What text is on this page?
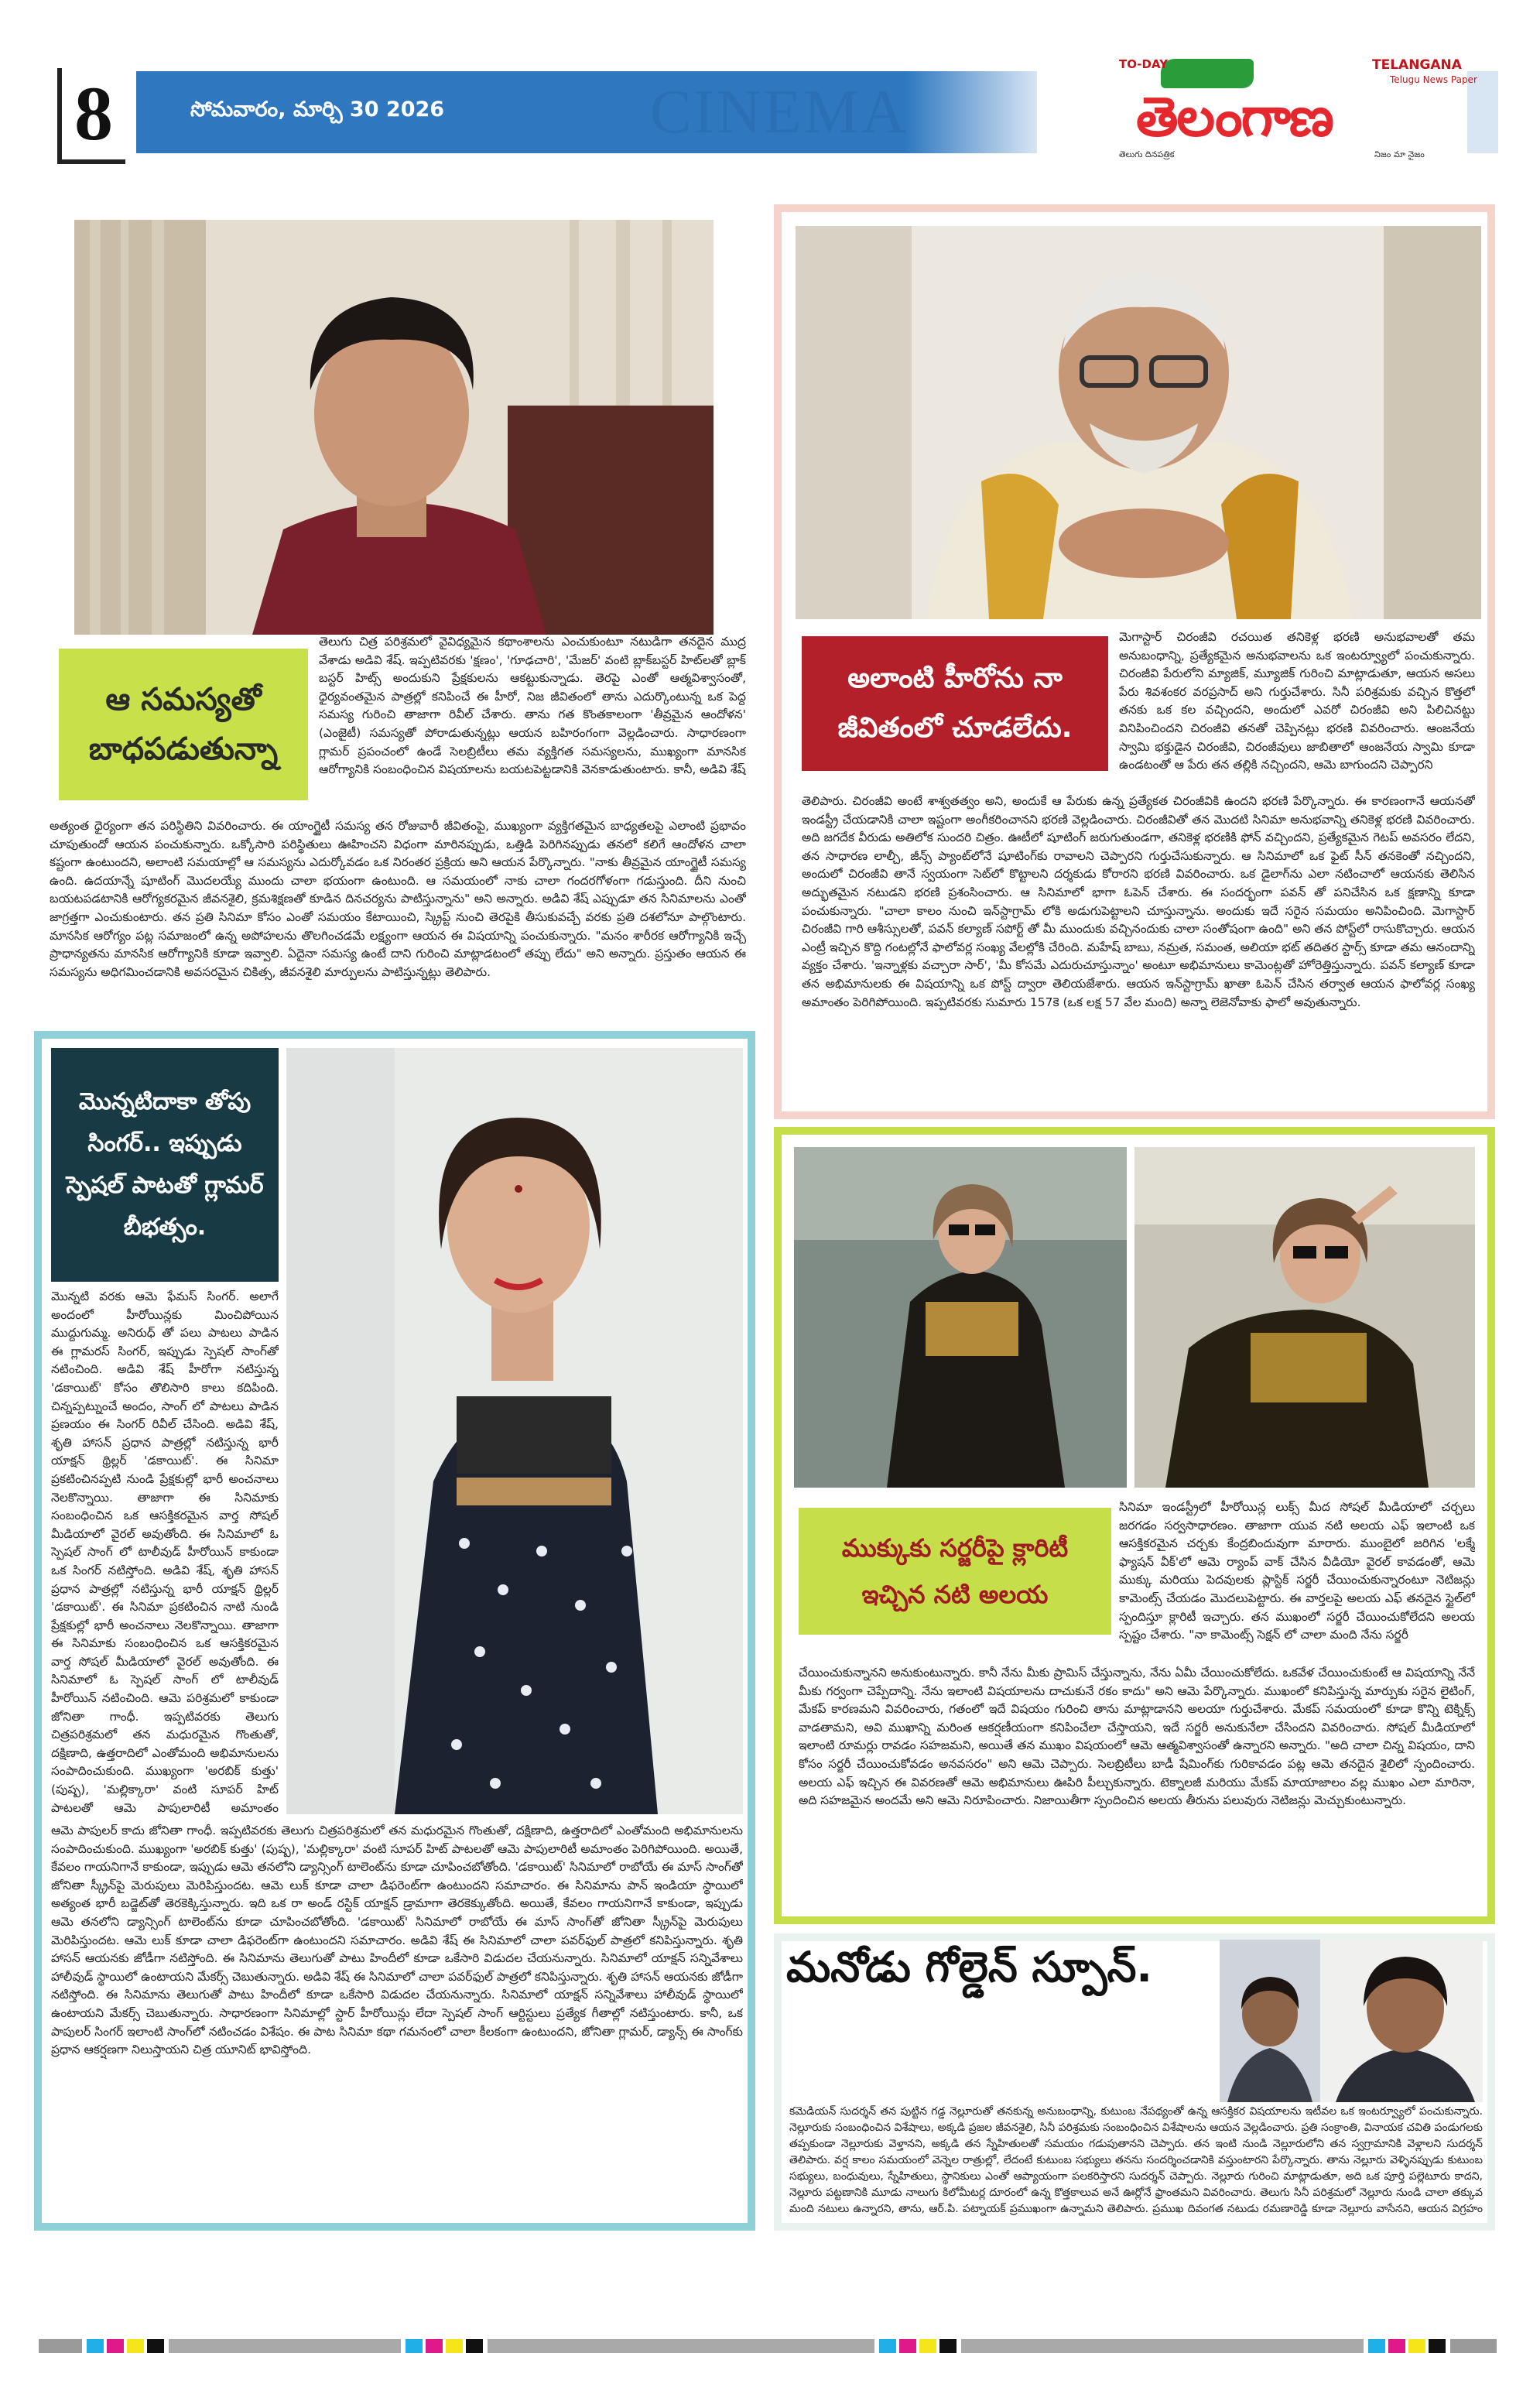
8	సోమవారం, మార్చి 30 2026	CINEMA
TO-DAY	TELANGANA
Telugu News Paper
తెలంగాణ
తెలుగు దినపత్రిక	నిజం మా నైజం
ఆ సమస్యతో బాధపడుతున్నా
తెలుగు చిత్ర పరిశ్రమలో వైవిధ్యమైన కథాంశాలను ఎంచుకుంటూ నటుడిగా తనదైన ముద్ర వేశాడు అడివి శేష్. ఇప్పటివరకు 'క్షణం', 'గూఢచారి', 'మేజర్' వంటి బ్లాక్‌బస్టర్ హిట్‌లతో బ్లాక్ బస్టర్ హిట్స్ అందుకుని ప్రేక్షకులను ఆకట్టుకున్నాడు. తెరపై ఎంతో ఆత్మవిశ్వాసంతో, ధైర్యవంతమైన పాత్రల్లో కనిపించే ఈ హీరో, నిజ జీవితంలో తాను ఎదుర్కొంటున్న ఒక పెద్ద సమస్య గురించి తాజాగా రివీల్ చేశారు. తాను గత కొంతకాలంగా 'తీవ్రమైన ఆందోళన' (ఎంజైటీ) సమస్యతో పోరాడుతున్నట్లు ఆయన బహిరంగంగా వెల్లడించారు. సాధారణంగా గ్లామర్ ప్రపంచంలో ఉండే సెలబ్రిటీలు తమ వ్యక్తిగత సమస్యలను, ముఖ్యంగా మానసిక ఆరోగ్యానికి సంబంధించిన విషయాలను బయటపెట్టడానికి వెనకాడుతుంటారు. కానీ, అడివి శేష్
అత్యంత ధైర్యంగా తన పరిస్థితిని వివరించారు. ఈ యాంగ్జైటీ సమస్య తన రోజువారీ జీవితంపై, ముఖ్యంగా వ్యక్తిగతమైన బాధ్యతలపై ఎలాంటి ప్రభావం చూపుతుందో ఆయన పంచుకున్నారు. ఒక్కోసారి పరిస్థితులు ఊహించని విధంగా మారినప్పుడు, ఒత్తిడి పెరిగినప్పుడు తనలో కలిగే ఆందోళన చాలా కష్టంగా ఉంటుందని, అలాంటి సమయాల్లో ఆ సమస్యను ఎదుర్కోవడం ఒక నిరంతర ప్రక్రియ అని ఆయన పేర్కొన్నారు. "నాకు తీవ్రమైన యాంగ్జైటీ సమస్య ఉంది. ఉదయాన్నే షూటింగ్ మొదలయ్యే ముందు చాలా భయంగా ఉంటుంది. ఆ సమయంలో నాకు చాలా గందరగోళంగా గడుస్తుంది. దీని నుంచి బయటపడటానికి ఆరోగ్యకరమైన జీవనశైలి, క్రమశిక్షణతో కూడిన దినచర్యను పాటిస్తున్నాను" అని అన్నారు. అడివి శేష్ ఎప్పుడూ తన సినిమాలను ఎంతో జాగ్రత్తగా ఎంచుకుంటారు. తన ప్రతి సినిమా కోసం ఎంతో సమయం కేటాయించి, స్క్రిప్ట్ నుంచి తెరపైకి తీసుకువచ్చే వరకు ప్రతి దశలోనూ పాల్గొంటారు. మానసిక ఆరోగ్యం పట్ల సమాజంలో ఉన్న అపోహలను తొలగించడమే లక్ష్యంగా ఆయన ఈ విషయాన్ని పంచుకున్నారు. "మనం శారీరక ఆరోగ్యానికి ఇచ్చే ప్రాధాన్యతను మానసిక ఆరోగ్యానికి కూడా ఇవ్వాలి. ఏదైనా సమస్య ఉంటే దాని గురించి మాట్లాడటంలో తప్పు లేదు" అని అన్నారు. ప్రస్తుతం ఆయన ఈ సమస్యను అధిగమించడానికి అవసరమైన చికిత్స, జీవనశైలి మార్పులను పాటిస్తున్నట్లు తెలిపారు.
అలాంటి హీరోను నా జీవితంలో చూడలేదు.
మెగాస్టార్ చిరంజీవి రచయిత తనికెళ్ల భరణి అనుభవాలతో తమ అనుబంధాన్ని, ప్రత్యేకమైన అనుభవాలను ఒక ఇంటర్వ్యూలో పంచుకున్నారు. చిరంజీవి పేరులోని మ్యాజిక్, మ్యూజిక్ గురించి మాట్లాడుతూ, ఆయన అసలు పేరు శివశంకర వరప్రసాద్ అని గుర్తుచేశారు. సినీ పరిశ్రమకు వచ్చిన కొత్తలో తనకు ఒక కల వచ్చిందని, అందులో ఎవరో చిరంజీవి అని పిలిచినట్టు వినిపించిందని చిరంజీవి తనతో చెప్పినట్లు భరణి వివరించారు. ఆంజనేయ స్వామి భక్తుడైన చిరంజీవి, చిరంజీవులు జాబితాలో ఆంజనేయ స్వామి కూడా ఉండటంతో ఆ పేరు తన తల్లికి నచ్చిందని, ఆమె బాగుందని చెప్పారని
తెలిపారు. చిరంజీవి అంటే శాశ్వతత్వం అని, అందుకే ఆ పేరుకు ఉన్న ప్రత్యేకత చిరంజీవికి ఉందని భరణి పేర్కొన్నారు. ఈ కారణంగానే ఆయనతో ఇండస్ట్రీ చేయడానికి చాలా ఇష్టంగా అంగీకరించానని భరణి వెల్లడించారు. చిరంజీవితో తన మొదటి సినిమా అనుభవాన్ని తనికెళ్ల భరణి వివరించారు. అది జగదేక వీరుడు అతిలోక సుందరి చిత్రం. ఊటీలో షూటింగ్ జరుగుతుండగా, తనికెళ్ల భరణికి ఫోన్ వచ్చిందని, ప్రత్యేకమైన గెటప్ అవసరం లేదని, తన సాధారణ లాల్చీ, జీన్స్ ప్యాంట్‌లోనే షూటింగ్‌కు రావాలని చెప్పారని గుర్తుచేసుకున్నారు. ఆ సినిమాలో ఒక ఫైట్ సీన్ తనకెంతో నచ్చిందని, అందులో చిరంజీవి తానే స్వయంగా సెట్‌లో కొట్టాలని దర్శకుడు కోరారని భరణి వివరించారు. ఒక డైలాగ్‌ను ఎలా నటించాలో ఆయనకు తెలిసిన అద్భుతమైన నటుడని భరణి ప్రశంసించారు. ఆ సినిమాలో భాగా ఓపెన్ చేశారు. ఈ సందర్భంగా పవన్ తో పనిచేసిన ఒక క్షణాన్ని కూడా పంచుకున్నారు. "చాలా కాలం నుంచి ఇన్‌స్టాగ్రామ్ లోకి అడుగుపెట్టాలని చూస్తున్నాను. అందుకు ఇదే సరైన సమయం అనిపించింది. మెగాస్టార్ చిరంజీవి గారి ఆశీస్సులతో, పవన్ కల్యాణ్ సపోర్ట్ తో మీ ముందుకు వచ్చినందుకు చాలా సంతోషంగా ఉంది" అని తన పోస్ట్‌లో రాసుకొచ్చారు. ఆయన ఎంట్రీ ఇచ్చిన కొద్ది గంటల్లోనే ఫాలోవర్ల సంఖ్య వేలల్లోకి చేరింది. మహేష్ బాబు, నమ్రత, సమంత, అలియా భట్ తదితర స్టార్స్ కూడా తమ ఆనందాన్ని వ్యక్తం చేశారు. 'ఇన్నాళ్లకు వచ్చారా సార్', 'మీ కోసమే ఎదురుచూస్తున్నాం' అంటూ అభిమానులు కామెంట్లతో హోరెత్తిస్తున్నారు. పవన్ కల్యాణ్ కూడా తన అభిమానులకు ఈ విషయాన్ని ఒక పోస్ట్ ద్వారా తెలియజేశారు. ఆయన ఇన్‌స్టాగ్రామ్ ఖాతా ఓపెన్ చేసిన తర్వాత ఆయన ఫాలోవర్ల సంఖ్య అమాంతం పెరిగిపోయింది. ఇప్పటివరకు సుమారు 157కె (ఒక లక్ష 57 వేల మంది) అన్నా లెజెనోవాకు ఫాలో అవుతున్నారు.
మొన్నటిదాకా తోపు సింగర్.. ఇప్పుడు స్పెషల్ పాటతో గ్లామర్ బీభత్సం.
మొన్నటి వరకు ఆమె ఫేమస్ సింగర్. అలాగే అందంలో హీరోయిన్లకు మించిపోయిన ముద్దుగుమ్మ. అనిరుధ్ తో పలు పాటలు పాడిన ఈ గ్లామరస్ సింగర్, ఇప్పుడు స్పెషల్ సాంగ్‌తో నటించింది. అడివి శేష్ హీరోగా నటిస్తున్న 'డకాయిట్' కోసం తొలిసారి కాలు కదిపింది. చిన్నప్పట్నుంచే అందం, సాంగ్ లో పాటలు పాడిన ప్రణయం ఈ సింగర్ రివీల్ చేసింది. అడివి శేష్, శృతి హాసన్ ప్రధాన పాత్రల్లో నటిస్తున్న భారీ యాక్షన్ థ్రిల్లర్ 'డకాయిట్'. ఈ సినిమా ప్రకటించినప్పటి నుండి ప్రేక్షకుల్లో భారీ అంచనాలు నెలకొన్నాయి. తాజాగా ఈ సినిమాకు సంబంధించిన ఒక ఆసక్తికరమైన వార్త సోషల్ మీడియాలో వైరల్ అవుతోంది. ఈ సినిమాలో ఓ స్పెషల్ సాంగ్ లో టాలీవుడ్ హీరోయిన్ కాకుండా ఒక సింగర్ నటిస్తోంది. అడివి శేష్, శృతి హాసన్ ప్రధాన పాత్రల్లో నటిస్తున్న భారీ యాక్షన్ థ్రిల్లర్ 'డకాయిట్'. ఈ సినిమా ప్రకటించిన నాటి నుండి ప్రేక్షకుల్లో భారీ అంచనాలు నెలకొన్నాయి. తాజాగా ఈ సినిమాకు సంబంధించిన ఒక ఆసక్తికరమైన వార్త సోషల్ మీడియాలో వైరల్ అవుతోంది. ఈ సినిమాలో ఓ స్పెషల్ సాంగ్ లో టాలీవుడ్ హీరోయిన్ నటించింది. ఆమె పరిశ్రమలో కాకుండా జోనితా గాంధీ. ఇప్పటివరకు తెలుగు చిత్రపరిశ్రమలో తన మధురమైన గొంతుతో, దక్షిణాది, ఉత్తరాదిలో ఎంతోమంది అభిమానులను సంపాదించుకుంది. ముఖ్యంగా 'అరబిక్ కుత్తు' (పుష్ప), 'మల్లిక్కారా' వంటి సూపర్ హిట్ పాటలతో ఆమె పాపులారిటీ అమాంతం
ఆమె పాపులర్ కాదు జోనితా గాంధీ. ఇప్పటివరకు తెలుగు చిత్రపరిశ్రమలో తన మధురమైన గొంతుతో, దక్షిణాది, ఉత్తరాదిలో ఎంతోమంది అభిమానులను సంపాదించుకుంది. ముఖ్యంగా 'అరబిక్ కుత్తు' (పుష్ప), 'మల్లిక్కారా' వంటి సూపర్ హిట్ పాటలతో ఆమె పాపులారిటీ అమాంతం పెరిగిపోయింది. అయితే, కేవలం గాయనిగానే కాకుండా, ఇప్పుడు ఆమె తనలోని డ్యాన్సింగ్ టాలెంట్‌ను కూడా చూపించబోతోంది. 'డకాయిట్' సినిమాలో రాబోయే ఈ మాస్ సాంగ్‌తో జోనితా స్క్రీన్‌పై మెరుపులు మెరిపిస్తుందట. ఆమె లుక్ కూడా చాలా డిఫరెంట్‌గా ఉంటుందని సమాచారం. ఈ సినిమాను పాన్ ఇండియా స్థాయిలో అత్యంత భారీ బడ్జెట్‌తో తెరకెక్కిస్తున్నారు. ఇది ఒక రా అండ్ రస్టిక్ యాక్షన్ డ్రామాగా తెరకెక్కుతోంది. అయితే, కేవలం గాయనిగానే కాకుండా, ఇప్పుడు ఆమె తనలోని డ్యాన్సింగ్ టాలెంట్‌ను కూడా చూపించబోతోంది. 'డకాయిట్' సినిమాలో రాబోయే ఈ మాస్ సాంగ్‌తో జోనితా స్క్రీన్‌పై మెరుపులు మెరిపిస్తుందట. ఆమె లుక్ కూడా చాలా డిఫరెంట్‌గా ఉంటుందని సమాచారం. అడివి శేష్ ఈ సినిమాలో చాలా పవర్‌ఫుల్ పాత్రలో కనిపిస్తున్నారు. శృతి హాసన్ ఆయనకు జోడీగా నటిస్తోంది. ఈ సినిమాను తెలుగుతో పాటు హిందీలో కూడా ఒకేసారి విడుదల చేయనున్నారు. సినిమాలో యాక్షన్ సన్నివేశాలు హాలీవుడ్ స్థాయిలో ఉంటాయని మేకర్స్ చెబుతున్నారు. అడివి శేష్ ఈ సినిమాలో చాలా పవర్‌ఫుల్ పాత్రలో కనిపిస్తున్నారు. శృతి హాసన్ ఆయనకు జోడీగా నటిస్తోంది. ఈ సినిమాను తెలుగుతో పాటు హిందీలో కూడా ఒకేసారి విడుదల చేయనున్నారు. సినిమాలో యాక్షన్ సన్నివేశాలు హాలీవుడ్ స్థాయిలో ఉంటాయని మేకర్స్ చెబుతున్నారు. సాధారణంగా సినిమాల్లో స్టార్ హీరోయిన్లు లేదా స్పెషల్ సాంగ్ ఆర్టిస్టులు ప్రత్యేక గీతాల్లో నటిస్తుంటారు. కానీ, ఒక పాపులర్ సింగర్ ఇలాంటి సాంగ్‌లో నటించడం విశేషం. ఈ పాట సినిమా కథా గమనంలో చాలా కీలకంగా ఉంటుందని, జోనితా గ్లామర్, డ్యాన్స్ ఈ సాంగ్‌కు ప్రధాన ఆకర్షణగా నిలుస్తాయని చిత్ర యూనిట్ భావిస్తోంది.
ముక్కుకు సర్జరీపై క్లారిటీ ఇచ్చిన నటి అలయ
సినిమా ఇండస్ట్రీలో హీరోయిన్ల లుక్స్ మీద సోషల్ మీడియాలో చర్చలు జరగడం సర్వసాధారణం. తాజాగా యువ నటి అలయ ఎఫ్ ఇలాంటి ఒక ఆసక్తికరమైన చర్చకు కేంద్రబిందువుగా మారారు. ముంబైలో జరిగిన 'లక్మే ఫ్యాషన్ వీక్'లో ఆమె ర్యాంప్ వాక్ చేసిన వీడియో వైరల్ కావడంతో, ఆమె ముక్కు మరియు పెదవులకు ప్లాస్టిక్ సర్జరీ చేయించుకున్నారంటూ నెటిజన్లు కామెంట్స్ చేయడం మొదలుపెట్టారు. ఈ వార్తలపై అలయ ఎఫ్ తనదైన స్టైల్‌లో స్పందిస్తూ క్లారిటీ ఇచ్చారు. తన ముఖంలో సర్జరీ చేయించుకోలేదని అలయ స్పష్టం చేశారు. "నా కామెంట్స్ సెక్షన్ లో చాలా మంది నేను సర్జరీ
చేయించుకున్నానని అనుకుంటున్నారు. కానీ నేను మీకు ప్రామిస్ చేస్తున్నాను, నేను ఏమీ చేయించుకోలేదు. ఒకవేళ చేయించుకుంటే ఆ విషయాన్ని నేనే మీకు గర్వంగా చెప్పేదాన్ని. నేను ఇలాంటి విషయాలను దాచుకునే రకం కాదు" అని ఆమె పేర్కొన్నారు. ముఖంలో కనిపిస్తున్న మార్పుకు సరైన లైటింగ్, మేకప్ కారణమని వివరించారు, గతంలో ఇదే విషయం గురించి తాను మాట్లాడానని అలయా గుర్తుచేశారు. మేకప్ సమయంలో కూడా కొన్ని టెక్నిక్స్ వాడతామని, అవి ముఖాన్ని మరింత ఆకర్షణీయంగా కనిపించేలా చేస్తాయని, ఇదే సర్జరీ అనుకునేలా చేసిందని వివరించారు. సోషల్ మీడియాలో ఇలాంటి రూమర్లు రావడం సహజమని, అయితే తన ముఖం విషయంలో ఆమె ఆత్మవిశ్వాసంతో ఉన్నారని అన్నారు. "అది చాలా చిన్న విషయం, దాని కోసం సర్జరీ చేయించుకోవడం అనవసరం" అని ఆమె చెప్పారు. సెలబ్రిటీలు బాడీ షేమింగ్‌కు గురికావడం పట్ల ఆమె తనదైన శైలిలో స్పందించారు. అలయ ఎఫ్ ఇచ్చిన ఈ వివరణతో ఆమె అభిమానులు ఊపిరి పీల్చుకున్నారు. టెక్నాలజీ మరియు మేకప్ మాయాజాలం వల్ల ముఖం ఎలా మారినా, అది సహజమైన అందమే అని ఆమె నిరూపించారు. నిజాయితీగా స్పందించిన అలయ తీరును పలువురు నెటిజన్లు మెచ్చుకుంటున్నారు.
మనోడు గోల్డెన్ స్పూన్.
కమెడియన్ సుదర్శన్ తన పుట్టిన గడ్డ నెల్లూరుతో తనకున్న అనుబంధాన్ని, కుటుంబ నేపథ్యంతో ఉన్న ఆసక్తికర విషయాలను ఇటీవల ఒక ఇంటర్వ్యూలో పంచుకున్నారు. నెల్లూరుకు సంబంధించిన విశేషాలు, అక్కడి ప్రజల జీవనశైలి, సినీ పరిశ్రమకు సంబంధించిన విశేషాలను ఆయన వెల్లడించారు. ప్రతి సంక్రాంతి, వినాయక చవితి పండుగలకు తప్పకుండా నెల్లూరుకు వెళ్తానని, అక్కడి తన స్నేహితులతో సమయం గడుపుతానని చెప్పారు. తన ఇంటి నుండి నెల్లూరులోని తన స్వగ్రామానికి వెళ్లాలని సుదర్శన్ తెలిపారు. వర్ష కాలం సమయంలో వెన్నెల రాత్రుల్లో, లేదంటే కుటుంబ సభ్యులు తనను సందర్శించడానికి వస్తుంటారని పేర్కొన్నారు. తాను నెల్లూరు వెళ్ళినప్పుడు కుటుంబ సభ్యులు, బంధువులు, స్నేహితులు, స్థానికులు ఎంతో ఆప్యాయంగా పలకరిస్తారని సుదర్శన్ చెప్పారు. నెల్లూరు గురించి మాట్లాడుతూ, అది ఒక పూర్తి పల్లెటూరు కాదని, నెల్లూరు పట్టణానికి మూడు నాలుగు కిలోమీటర్ల దూరంలో ఉన్న కొత్తకాలువ అనే ఊర్లోనే ఫ్రాంతమని వివరించారు. తెలుగు సినీ పరిశ్రమలో నెల్లూరు నుండి చాలా తక్కువ మంది నటులు ఉన్నారని, తాను, ఆర్.పి. పట్నాయక్ ప్రముఖంగా ఉన్నామని తెలిపారు. ప్రముఖ దివంగత నటుడు రమణారెడ్డి కూడా నెల్లూరు వాసేనని, ఆయన విగ్రహం
